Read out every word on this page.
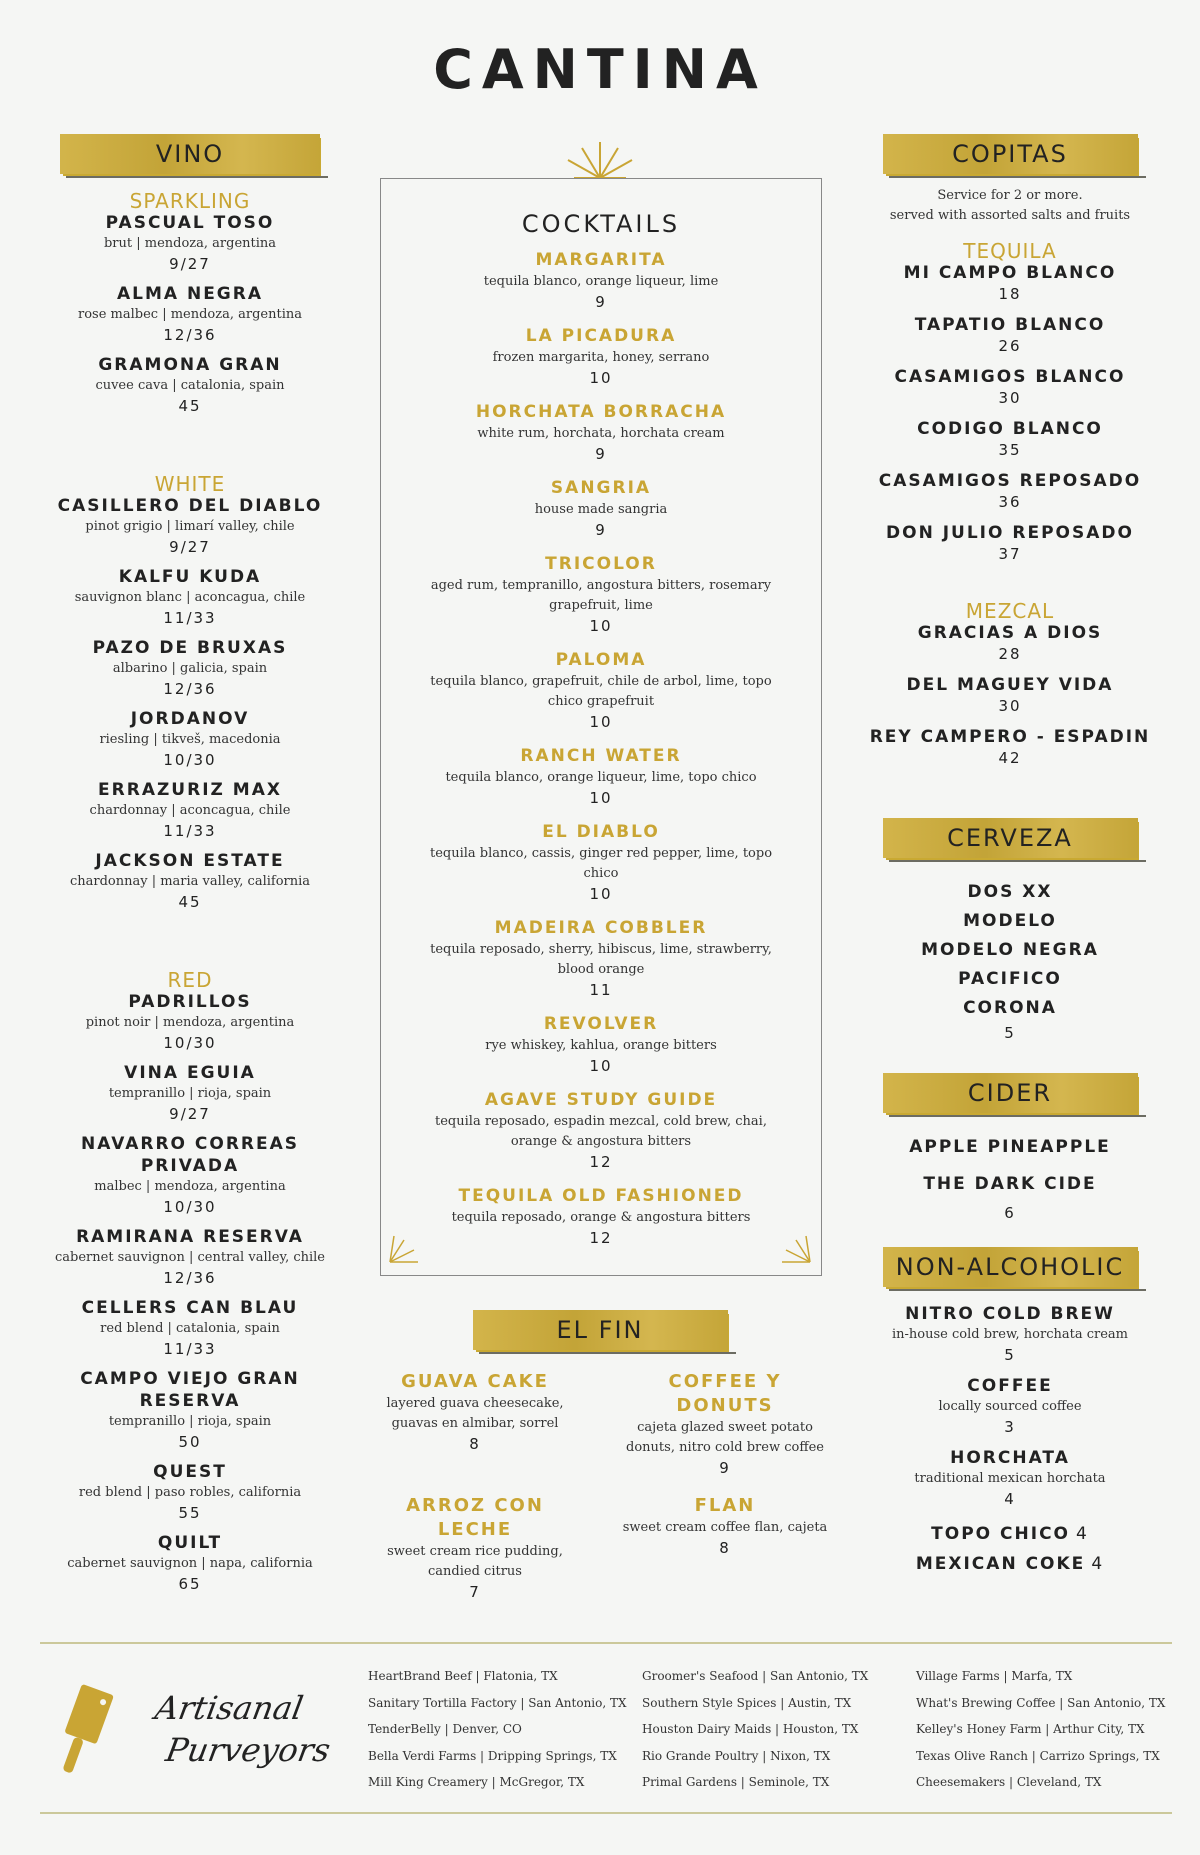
CANTINA
VINO
SPARKLING
PASCUAL TOSO
brut | mendoza, argentina
9/27
ALMA NEGRA
rose malbec | mendoza, argentina
12/36
GRAMONA GRAN
cuvee cava | catalonia, spain
45
WHITE
CASILLERO DEL DIABLO
pinot grigio | limarí valley, chile
9/27
KALFU KUDA
sauvignon blanc | aconcagua, chile
11/33
PAZO DE BRUXAS
albarino | galicia, spain
12/36
JORDANOV
riesling | tikveš, macedonia
10/30
ERRAZURIZ MAX
chardonnay | aconcagua, chile
11/33
JACKSON ESTATE
chardonnay | maria valley, california
45
RED
PADRILLOS
pinot noir | mendoza, argentina
10/30
VINA EGUIA
tempranillo | rioja, spain
9/27
NAVARRO CORREAS PRIVADA
malbec | mendoza, argentina
10/30
RAMIRANA RESERVA
cabernet sauvignon | central valley, chile
12/36
CELLERS CAN BLAU
red blend | catalonia, spain
11/33
CAMPO VIEJO GRAN RESERVA
tempranillo | rioja, spain
50
QUEST
red blend | paso robles, california
55
QUILT
cabernet sauvignon | napa, california
65
COCKTAILS
MARGARITA
tequila blanco, orange liqueur, lime
9
LA PICADURA
frozen margarita, honey, serrano
10
HORCHATA BORRACHA
white rum, horchata, horchata cream
9
SANGRIA
house made sangria
9
TRICOLOR
aged rum, tempranillo, angostura bitters, rosemary grapefruit, lime
10
PALOMA
tequila blanco, grapefruit, chile de arbol, lime, topo chico grapefruit
10
RANCH WATER
tequila blanco, orange liqueur, lime, topo chico
10
EL DIABLO
tequila blanco, cassis, ginger red pepper, lime, topo chico
10
MADEIRA COBBLER
tequila reposado, sherry, hibiscus, lime, strawberry, blood orange
11
REVOLVER
rye whiskey, kahlua, orange bitters
10
AGAVE STUDY GUIDE
tequila reposado, espadin mezcal, cold brew, chai, orange & angostura bitters
12
TEQUILA OLD FASHIONED
tequila reposado, orange & angostura bitters
12
EL FIN
GUAVA CAKE
layered guava cheesecake, guavas en almibar, sorrel
8
COFFEE Y DONUTS
cajeta glazed sweet potato donuts, nitro cold brew coffee
9
ARROZ CON LECHE
sweet cream rice pudding, candied citrus
7
FLAN
sweet cream coffee flan, cajeta
8
COPITAS
Service for 2 or more.
served with assorted salts and fruits
TEQUILA
MI CAMPO BLANCO
18
TAPATIO BLANCO
26
CASAMIGOS BLANCO
30
CODIGO BLANCO
35
CASAMIGOS REPOSADO
36
DON JULIO REPOSADO
37
MEZCAL
GRACIAS A DIOS
28
DEL MAGUEY VIDA
30
REY CAMPERO - ESPADIN
42
CERVEZA
DOS XX
MODELO
MODELO NEGRA
PACIFICO
CORONA
5
CIDER
APPLE PINEAPPLE
THE DARK CIDE
6
NON-ALCOHOLIC
NITRO COLD BREW
in-house cold brew, horchata cream
5
COFFEE
locally sourced coffee
3
HORCHATA
traditional mexican horchata
4
TOPO CHICO 4
MEXICAN COKE 4
Artisanal
Purveyors
HeartBrand Beef | Flatonia, TX
Sanitary Tortilla Factory | San Antonio, TX
TenderBelly | Denver, CO
Bella Verdi Farms | Dripping Springs, TX
Mill King Creamery | McGregor, TX
Groomer's Seafood | San Antonio, TX
Southern Style Spices | Austin, TX
Houston Dairy Maids | Houston, TX
Rio Grande Poultry | Nixon, TX
Primal Gardens | Seminole, TX
Village Farms | Marfa, TX
What's Brewing Coffee | San Antonio, TX
Kelley's Honey Farm | Arthur City, TX
Texas Olive Ranch | Carrizo Springs, TX
Cheesemakers | Cleveland, TX
